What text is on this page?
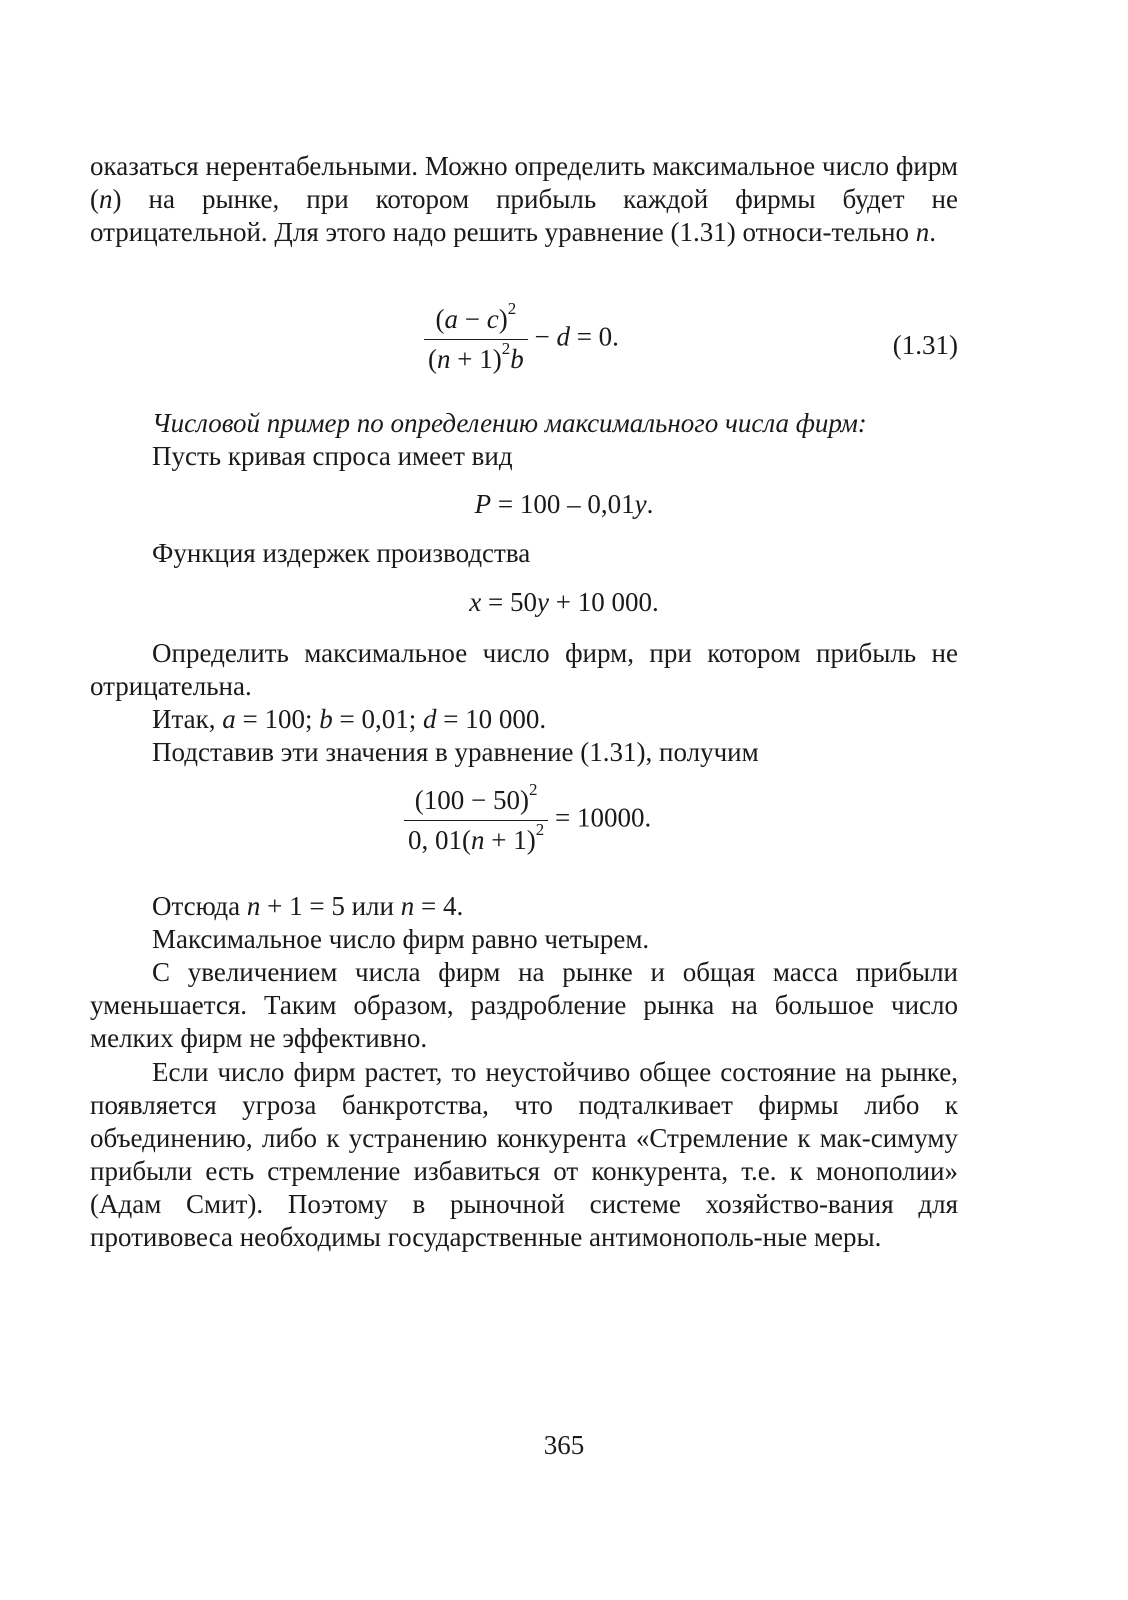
оказаться нерентабельными. Можно определить максимальное число фирм (n) на рынке, при котором прибыль каждой фирмы будет не отрицательной. Для этого надо решить уравнение (1.31) относи-тельно n.

$\frac{(a - c)^2}{(n + 1)^2b} - d = 0$.	(1.31)

Числовой пример по определению максимального числа фирм:

Пусть кривая спроса имеет вид

P = 100 – 0,01y.

Функция издержек производства

x = 50y + 10 000.

Определить максимальное число фирм, при котором прибыль не отрицательна.

Итак, a = 100; b = 0,01; d = 10 000.

Подставив эти значения в уравнение (1.31), получим

$\frac{(100 - 50)^2}{0, 01(n + 1)^2} = 10000$.

Отсюда n + 1 = 5 или n = 4.

Максимальное число фирм равно четырем.

С увеличением числа фирм на рынке и общая масса прибыли уменьшается. Таким образом, раздробление рынка на большое число мелких фирм не эффективно.

Если число фирм растет, то неустойчиво общее состояние на рынке, появляется угроза банкротства, что подталкивает фирмы либо к объединению, либо к устранению конкурента «Стремление к мак-симуму прибыли есть стремление избавиться от конкурента, т.е. к монополии» (Адам Смит). Поэтому в рыночной системе хозяйство-вания для противовеса необходимы государственные антимонополь-ные меры.

365
